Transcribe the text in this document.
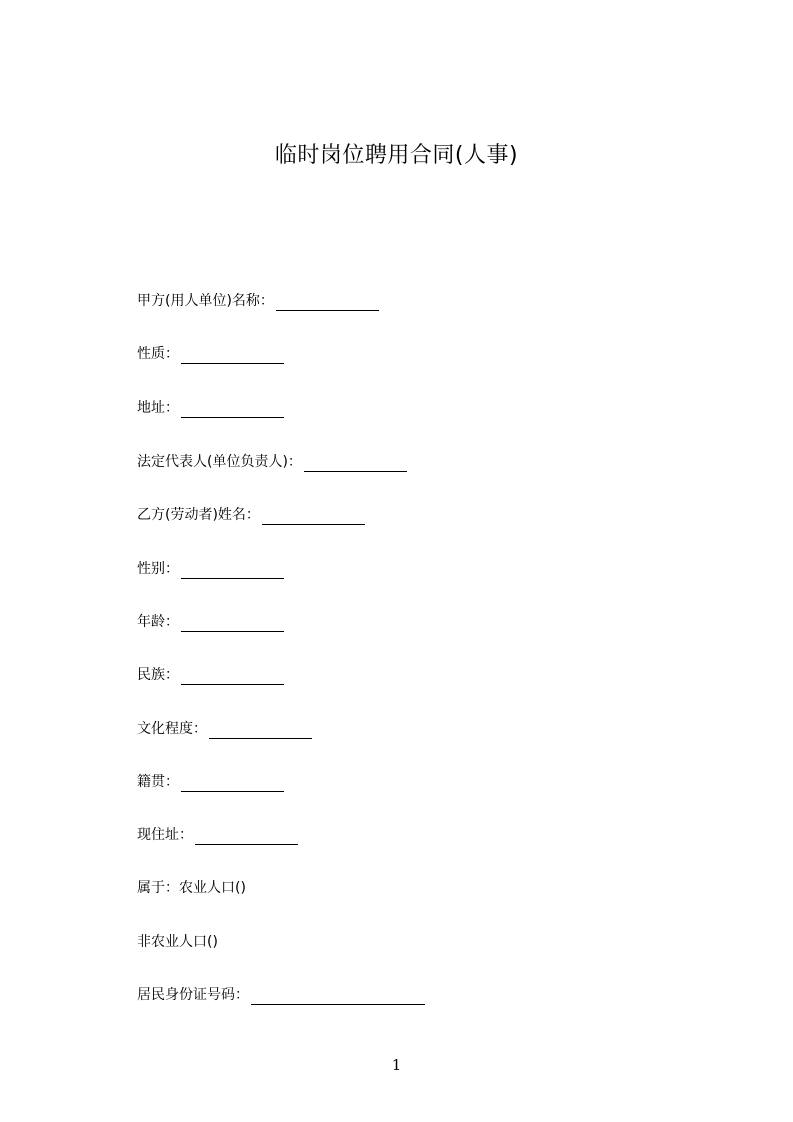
临时岗位聘用合同(人事)
甲方(用人单位)名称：
性质：
地址：
法定代表人(单位负责人)：
乙方(劳动者)姓名：
性别：
年龄：
民族：
文化程度：
籍贯：
现住址：
属于：农业人口()
非农业人口()
居民身份证号码：
1
